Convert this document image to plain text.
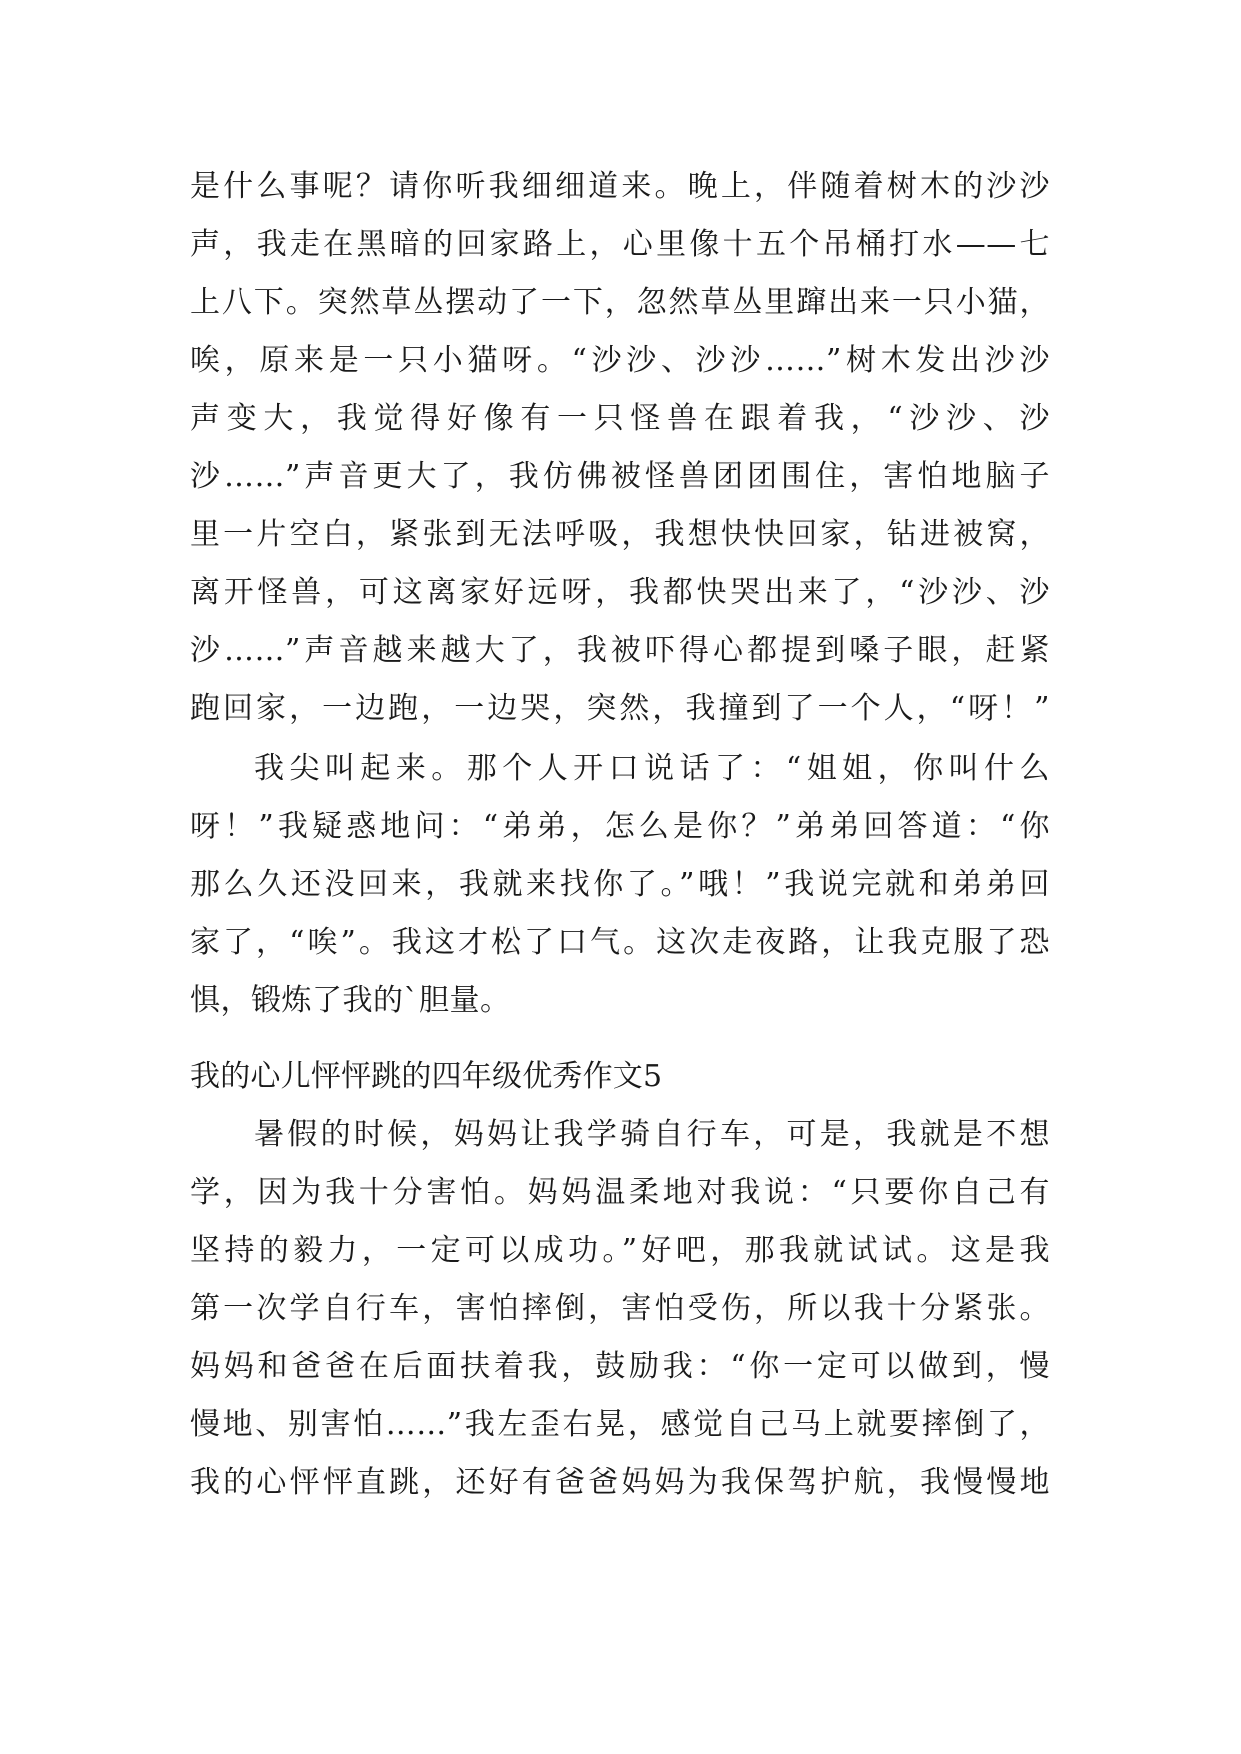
是什么事呢？请你听我细细道来。晚上，伴随着树木的沙沙
声，我走在黑暗的回家路上，心里像十五个吊桶打水——七
上八下。突然草丛摆动了一下，忽然草丛里蹿出来一只小猫，
唉，原来是一只小猫呀。“沙沙、沙沙……”树木发出沙沙
声变大，我觉得好像有一只怪兽在跟着我，“沙沙、沙
沙……”声音更大了，我仿佛被怪兽团团围住，害怕地脑子
里一片空白，紧张到无法呼吸，我想快快回家，钻进被窝，
离开怪兽，可这离家好远呀，我都快哭出来了，“沙沙、沙
沙……”声音越来越大了，我被吓得心都提到嗓子眼，赶紧
跑回家，一边跑，一边哭，突然，我撞到了一个人，“呀！”
我尖叫起来。那个人开口说话了：“姐姐，你叫什么
呀！”我疑惑地问：“弟弟，怎么是你？”弟弟回答道：“你
那么久还没回来，我就来找你了。”哦！”我说完就和弟弟回
家了，“唉”。我这才松了口气。这次走夜路，让我克服了恐
惧，锻炼了我的`胆量。
我的心儿怦怦跳的四年级优秀作文5
暑假的时候，妈妈让我学骑自行车，可是，我就是不想
学，因为我十分害怕。妈妈温柔地对我说：“只要你自己有
坚持的毅力，一定可以成功。”好吧，那我就试试。这是我
第一次学自行车，害怕摔倒，害怕受伤，所以我十分紧张。
妈妈和爸爸在后面扶着我，鼓励我：“你一定可以做到，慢
慢地、别害怕……”我左歪右晃，感觉自己马上就要摔倒了，
我的心怦怦直跳，还好有爸爸妈妈为我保驾护航，我慢慢地
